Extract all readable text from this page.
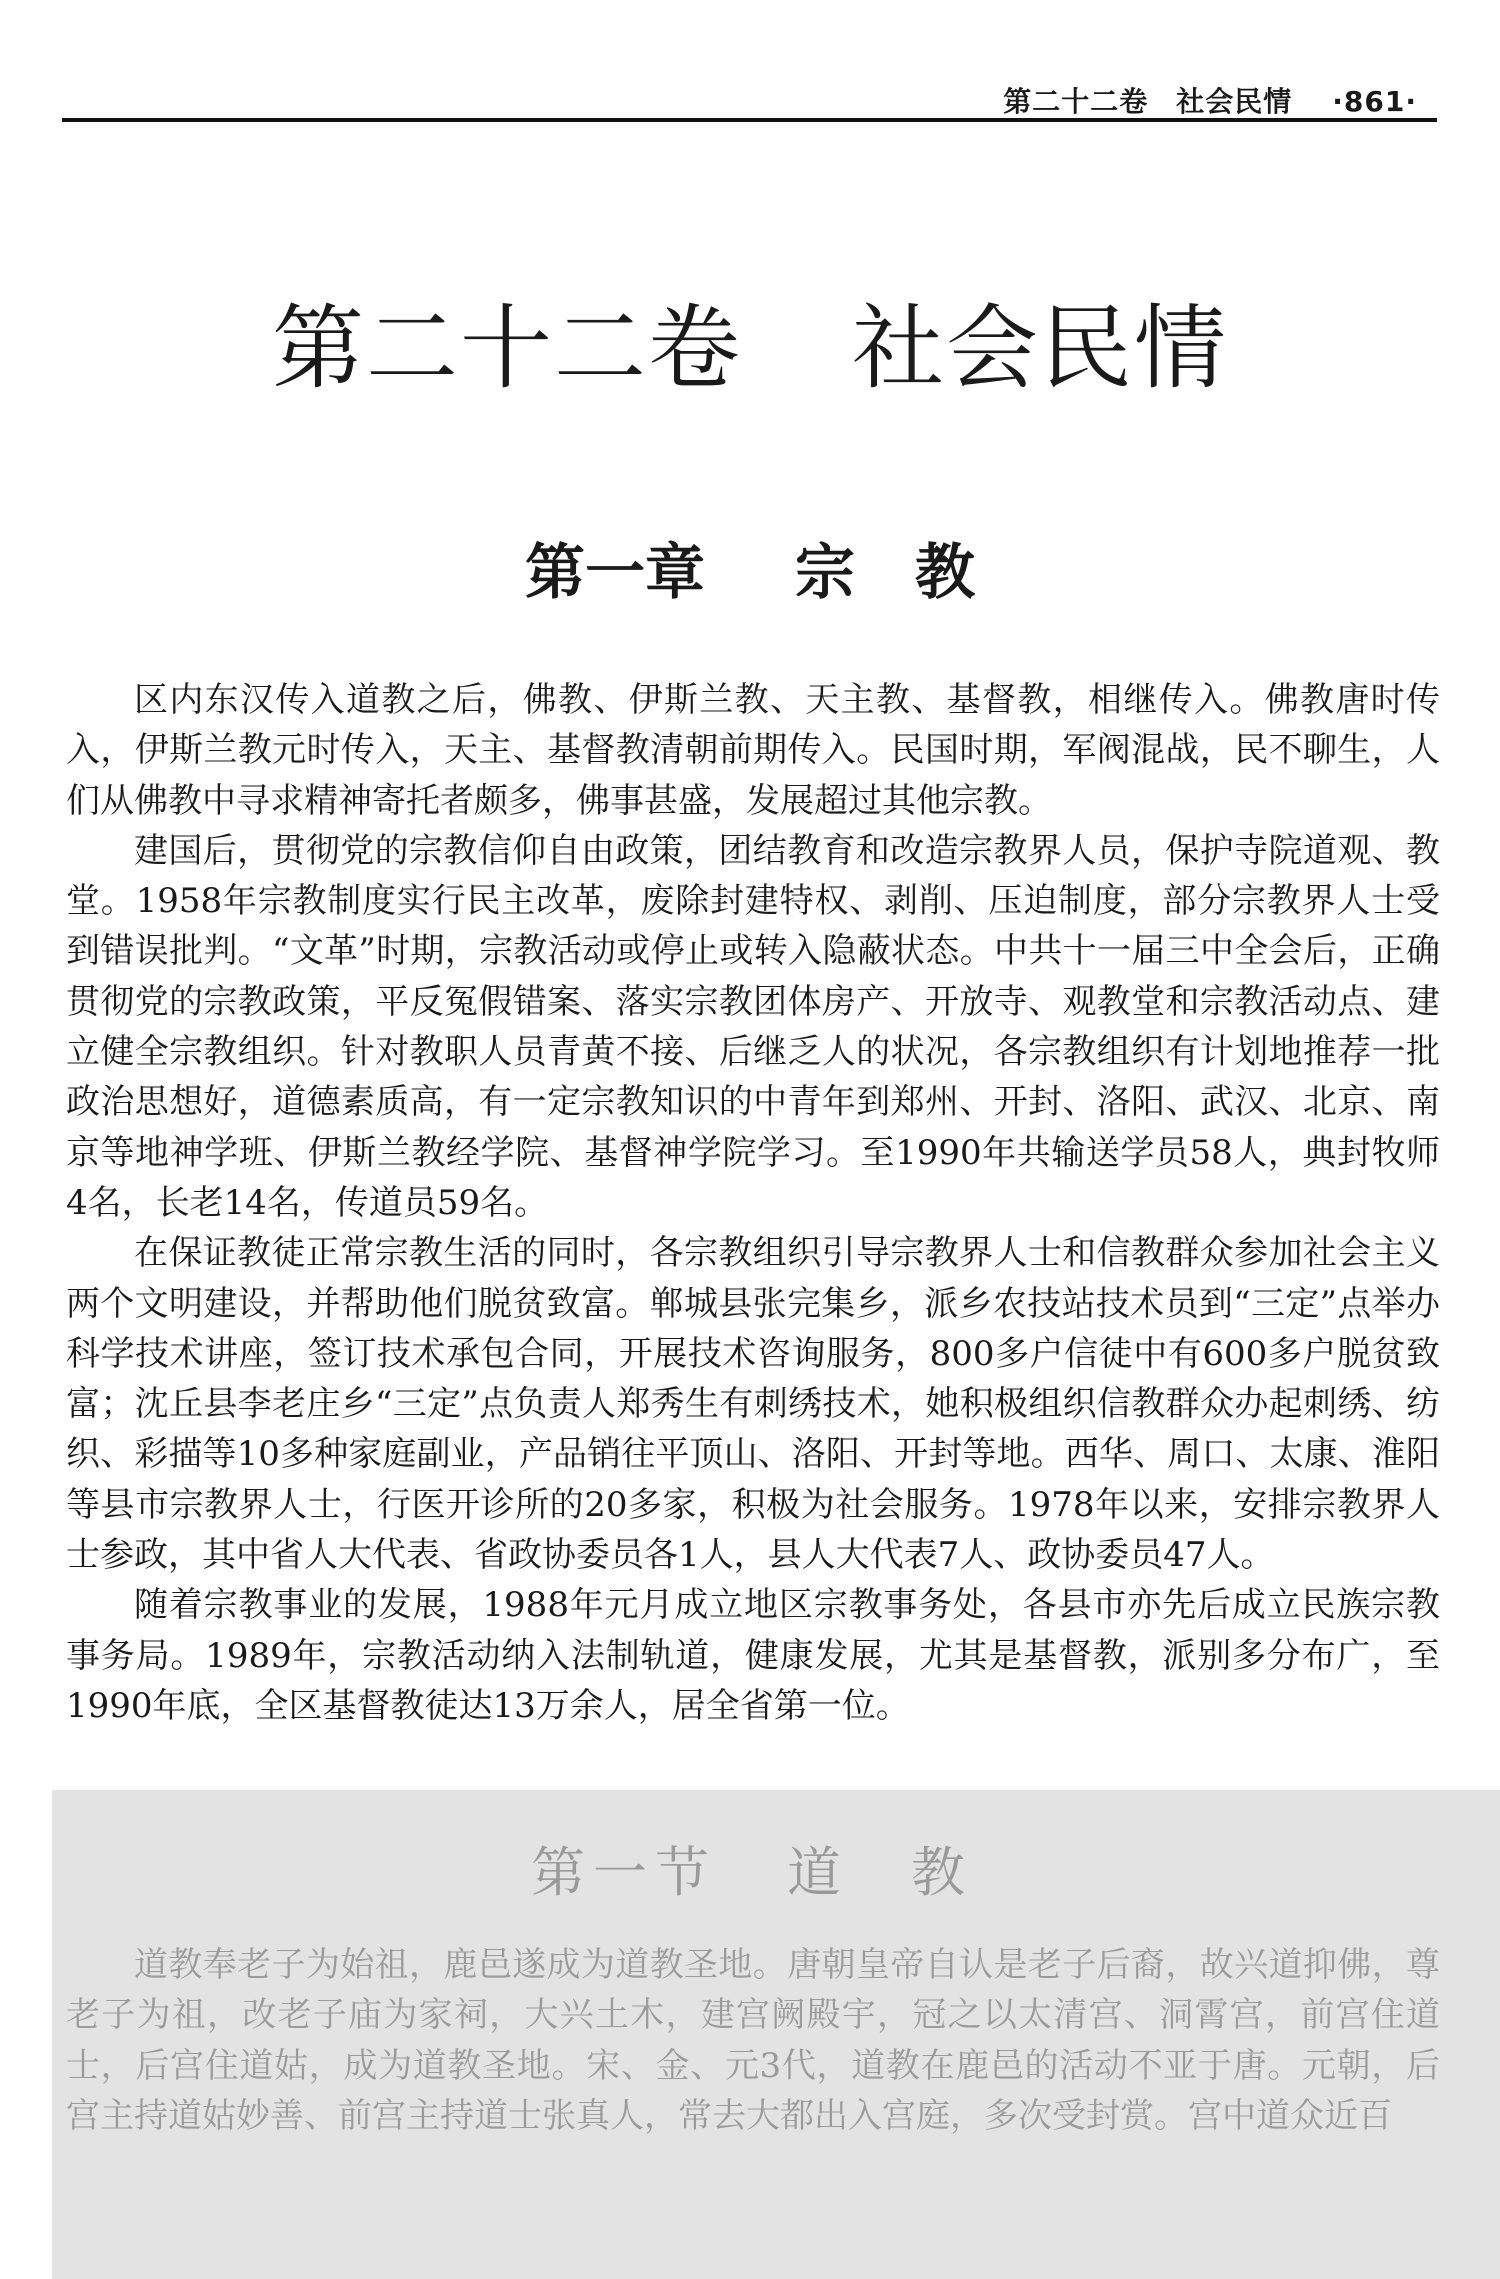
第二十二卷 社会民情 ·861·
第二十二卷 社会民情
第一章 宗　教

区内东汉传入道教之后，佛教、伊斯兰教、天主教、基督教，相继传入。佛教唐时传入，伊斯兰教元时传入，天主、基督教清朝前期传入。民国时期，军阀混战，民不聊生，人们从佛教中寻求精神寄托者颇多，佛事甚盛，发展超过其他宗教。

建国后，贯彻党的宗教信仰自由政策，团结教育和改造宗教界人员，保护寺院道观、教堂。1958年宗教制度实行民主改革，废除封建特权、剥削、压迫制度，部分宗教界人士受到错误批判。“文革”时期，宗教活动或停止或转入隐蔽状态。中共十一届三中全会后，正确贯彻党的宗教政策，平反冤假错案、落实宗教团体房产、开放寺、观教堂和宗教活动点、建立健全宗教组织。针对教职人员青黄不接、后继乏人的状况，各宗教组织有计划地推荐一批政治思想好，道德素质高，有一定宗教知识的中青年到郑州、开封、洛阳、武汉、北京、南京等地神学班、伊斯兰教经学院、基督神学院学习。至1990年共输送学员58人，典封牧师4名，长老14名，传道员59名。

在保证教徒正常宗教生活的同时，各宗教组织引导宗教界人士和信教群众参加社会主义两个文明建设，并帮助他们脱贫致富。郸城县张完集乡，派乡农技站技术员到“三定”点举办科学技术讲座，签订技术承包合同，开展技术咨询服务，800多户信徒中有600多户脱贫致富；沈丘县李老庄乡“三定”点负责人郑秀生有刺绣技术，她积极组织信教群众办起刺绣、纺织、彩描等10多种家庭副业，产品销往平顶山、洛阳、开封等地。西华、周口、太康、淮阳等县市宗教界人士，行医开诊所的20多家，积极为社会服务。1978年以来，安排宗教界人士参政，其中省人大代表、省政协委员各1人，县人大代表7人、政协委员47人。

随着宗教事业的发展，1988年元月成立地区宗教事务处，各县市亦先后成立民族宗教事务局。1989年，宗教活动纳入法制轨道，健康发展，尤其是基督教，派别多分布广，至1990年底，全区基督教徒达13万余人，居全省第一位。

第一节 道　教

道教奉老子为始祖，鹿邑遂成为道教圣地。唐朝皇帝自认是老子后裔，故兴道抑佛，尊老子为祖，改老子庙为家祠，大兴土木，建宫阙殿宇，冠之以太清宫、洞霄宫，前宫住道士，后宫住道姑，成为道教圣地。宋、金、元3代，道教在鹿邑的活动不亚于唐。元朝，后宫主持道姑妙善、前宫主持道士张真人，常去大都出入宫庭，多次受封赏。宫中道众近百
